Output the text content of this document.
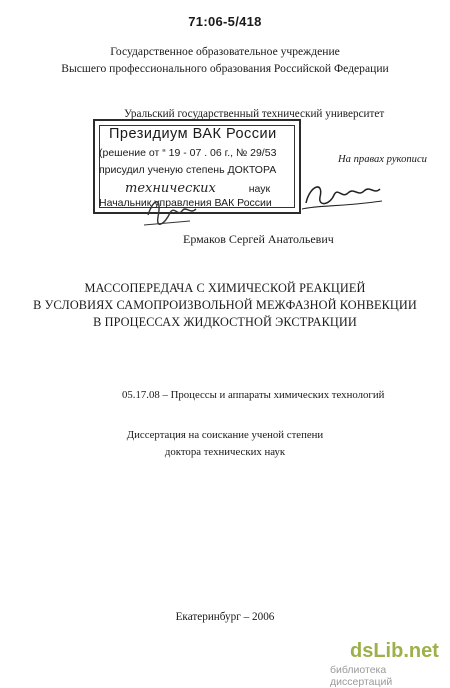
71:06-5/418
Государственное образовательное учреждение
Высшего профессионального образования Российской Федерации
Уральский государственный технический университет
Президиум ВАК России
(решение от “ 19 - 07 . 06 г., № 29/53
присудил ученую степень ДОКТОРА
технических	наук
Начальник управления ВАК России
На правах рукописи
Ермаков Сергей Анатольевич
МАССОПЕРЕДАЧА С ХИМИЧЕСКОЙ РЕАКЦИЕЙ
В УСЛОВИЯХ САМОПРОИЗВОЛЬНОЙ МЕЖФАЗНОЙ КОНВЕКЦИИ
В ПРОЦЕССАХ ЖИДКОСТНОЙ ЭКСТРАКЦИИ
05.17.08 – Процессы и аппараты химических технологий
Диссертация на соискание ученой степени
доктора технических наук
Екатеринбург – 2006
dsLib.net
библиотека диссертаций
